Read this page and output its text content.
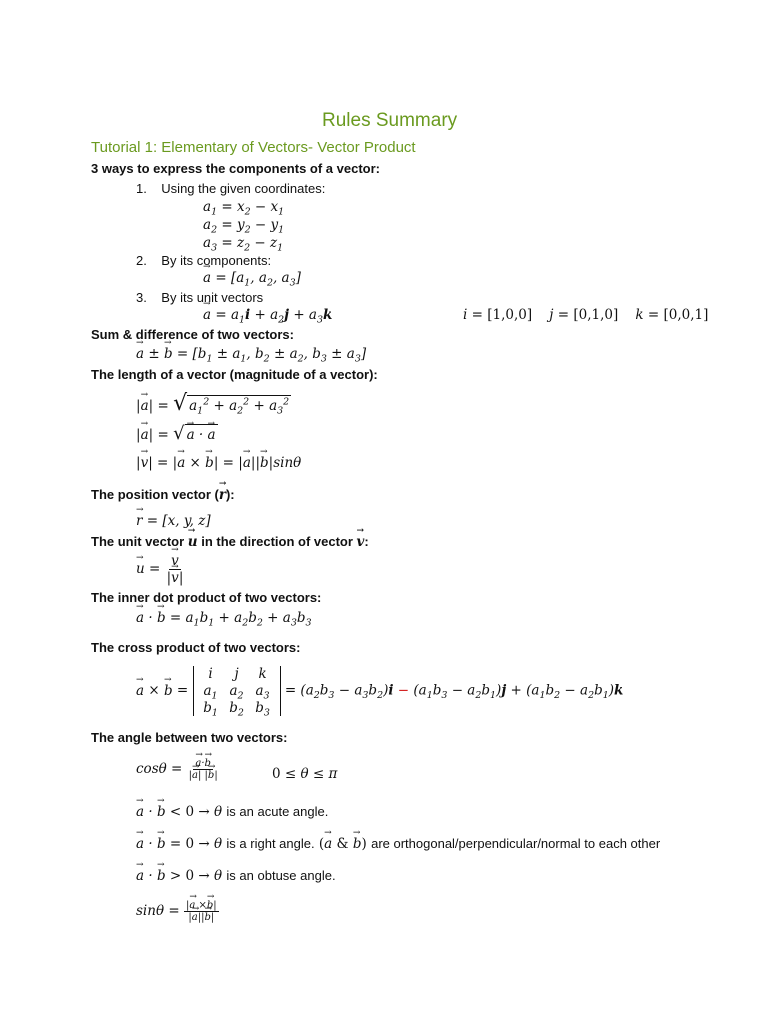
Rules Summary
Tutorial 1: Elementary of Vectors- Vector Product
3 ways to express the components of a vector:
1.    Using the given coordinates:
$a_1 = x_2 - x_1$
$a_2 = y_2 - y_1$
$a_3 = z_2 - z_1$
2.    By its components:
→ $a = [a_1$, $a_2$, $a_3$]
3.    By its unit vectors
→ $a = a_1i + a_2j + a_3k$	i = [1,0,0]    j = [0,1,0]    k = [0,0,1]
Sum & difference of two vectors:
→ a ± → $b = [b_1 \pm a_1$, $b_2 \pm a_2$, $b_3 \pm a_3$]
The length of a vector (magnitude of a vector):
|→ a| = √ $a_1^2 + a_2^2 + a_3^2$
|→ a| = √ → a · → a
|→ v| = |→ a × → b| = |→ a||→ b|sinθ
The position vector (→ r):
→ r = [x, y, z]
The unit vector → u in the direction of vector → v:
→ u = → $\frac{v}{|\to v|}$
The inner dot product of two vectors:
→ a · → $b = a_1b_1 + a_2b_2 + a_3b_3$
The cross product of two vectors:
→ a × → b =
i	j	k
$a_1$ $a_2$ $a_3$
$b_1$ $b_2$ $b_3$
= $(a_2b_3 - a_3b_2)i - (a_1b_3 - a_2b_1)j + (a_1b_2 - a_2b_1)k$
The angle between two vectors:
cosθ = → $\frac{a\cdot\to b}{|\to a| |\to b|}$	0 ≤ θ ≤ π
→ a · → b < 0 → θ is an acute angle.
→ a · → b = 0 → θ is a right angle. (→ a & → b) are orthogonal/perpendicular/normal to each other
→ a · → b > 0 → θ is an obtuse angle.
$\sin\theta = \frac{|\to a \times\to b|}{|\to a||\to b|}$
